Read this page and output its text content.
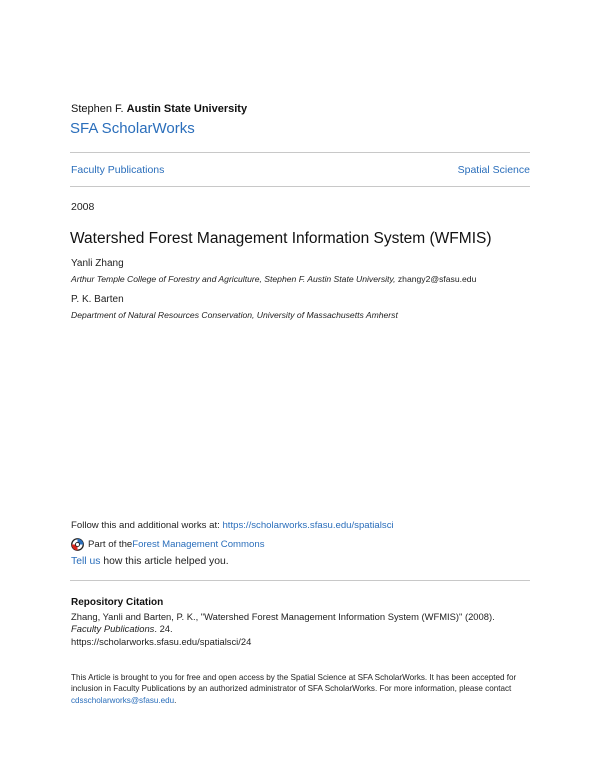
Stephen F. Austin State University
SFA ScholarWorks
Faculty Publications	Spatial Science
2008
Watershed Forest Management Information System (WFMIS)
Yanli Zhang
Arthur Temple College of Forestry and Agriculture, Stephen F. Austin State University, zhangy2@sfasu.edu
P. K. Barten
Department of Natural Resources Conservation, University of Massachusetts Amherst
Follow this and additional works at: https://scholarworks.sfasu.edu/spatialsci
Part of the Forest Management Commons
Tell us how this article helped you.
Repository Citation
Zhang, Yanli and Barten, P. K., "Watershed Forest Management Information System (WFMIS)" (2008).
Faculty Publications. 24.
https://scholarworks.sfasu.edu/spatialsci/24
This Article is brought to you for free and open access by the Spatial Science at SFA ScholarWorks. It has been accepted for inclusion in Faculty Publications by an authorized administrator of SFA ScholarWorks. For more information, please contact cdsscholarworks@sfasu.edu.
